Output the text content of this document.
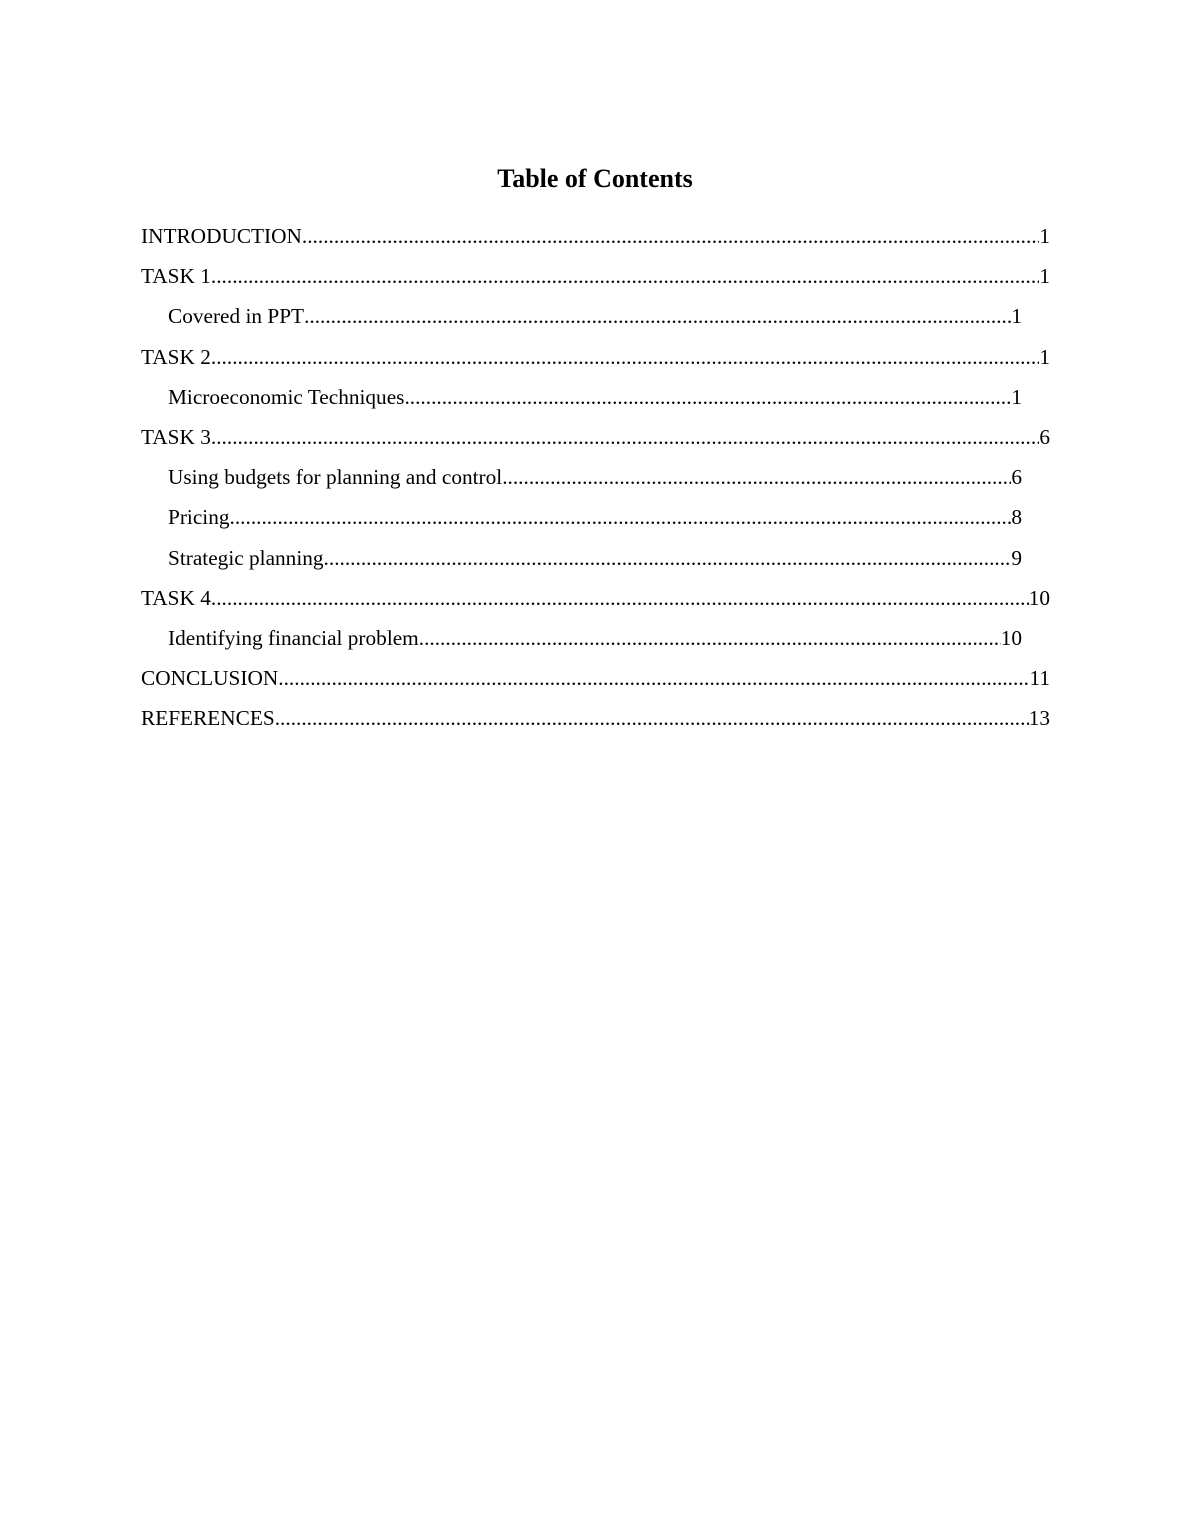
Table of Contents
INTRODUCTION .....	1
TASK 1 .....	1
Covered in PPT .....	1
TASK 2 .....	1
Microeconomic Techniques .....	1
TASK 3 .....	6
Using budgets for planning and control .....	6
Pricing .....	8
Strategic planning .....	9
TASK 4 .....	10
Identifying financial problem .....	10
CONCLUSION .....	11
REFERENCES .....	13
